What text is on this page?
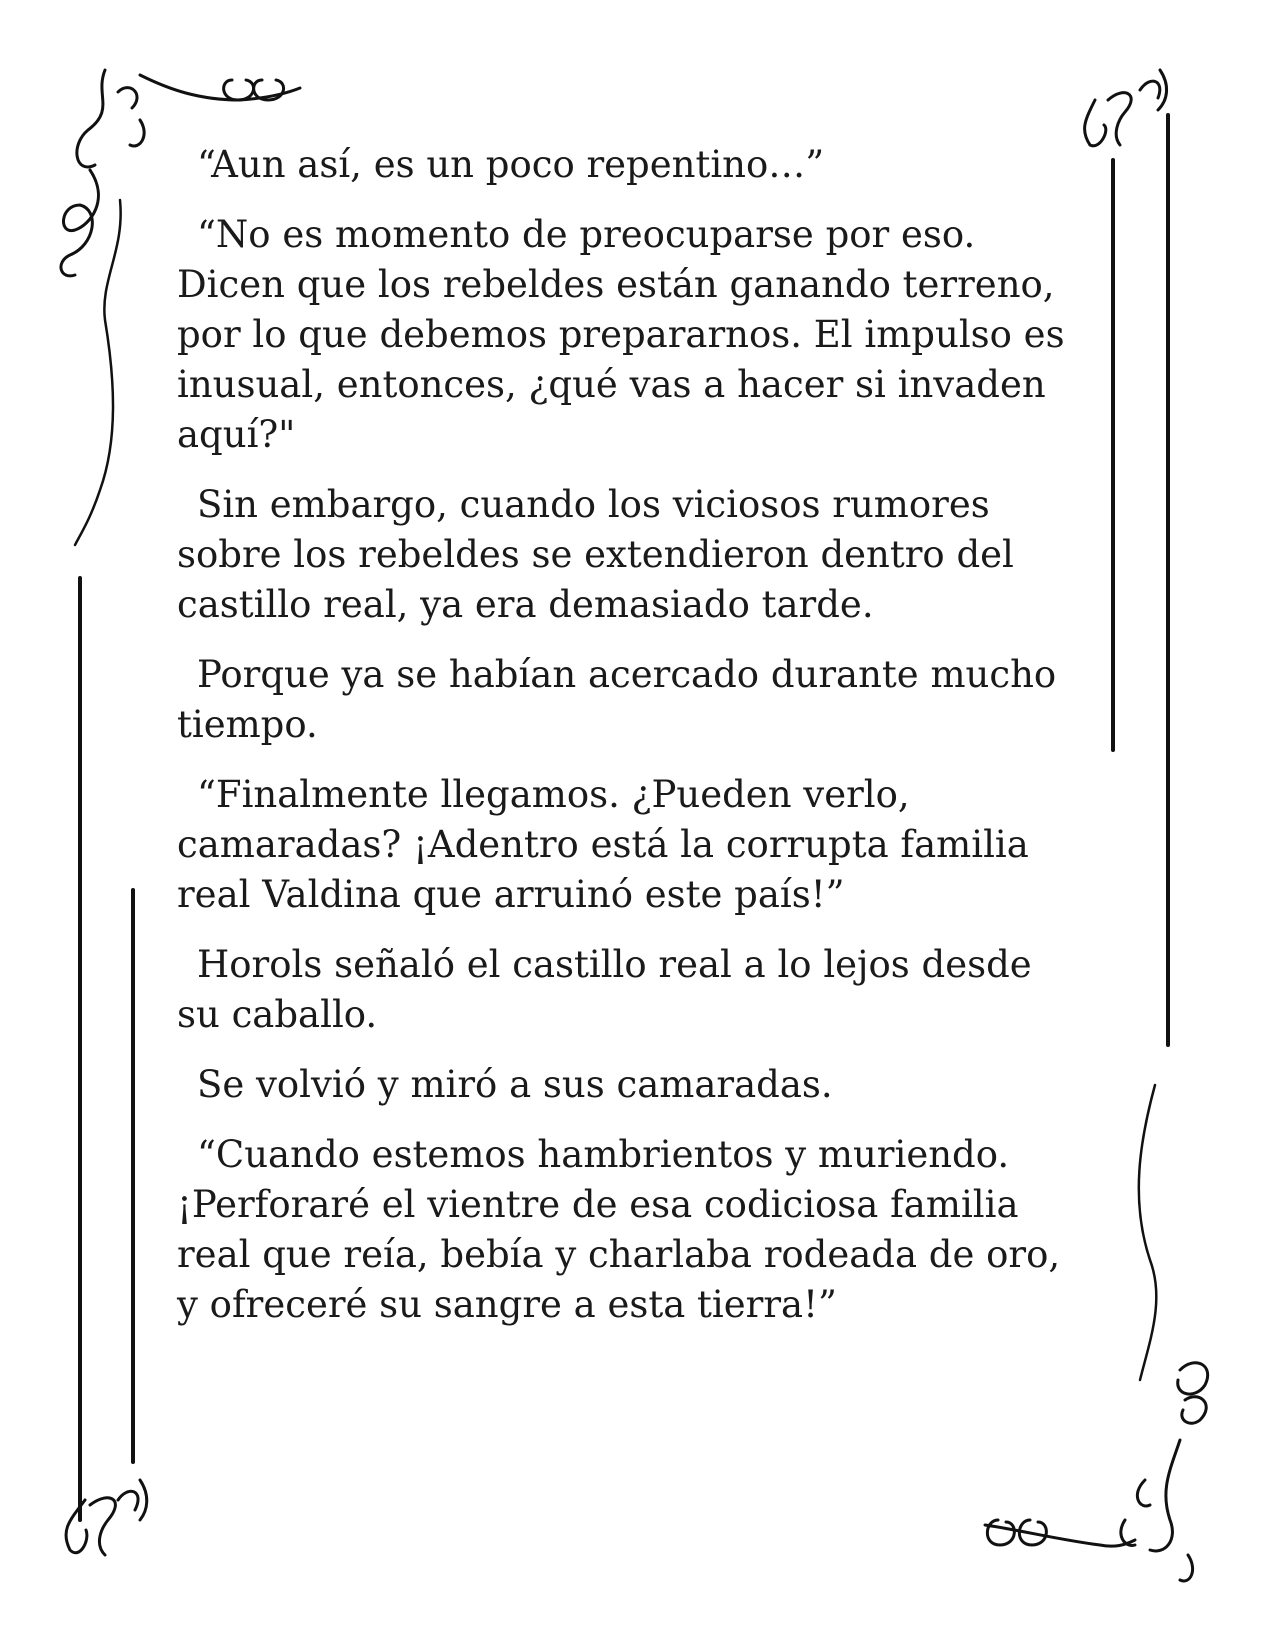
“Aun así, es un poco repentino…”

“No es momento de preocuparse por eso.
Dicen que los rebeldes están ganando terreno,
por lo que debemos prepararnos. El impulso es
inusual, entonces, ¿qué vas a hacer si invaden
aquí?"

Sin embargo, cuando los viciosos rumores
sobre los rebeldes se extendieron dentro del
castillo real, ya era demasiado tarde.

Porque ya se habían acercado durante mucho
tiempo.

“Finalmente llegamos. ¿Pueden verlo,
camaradas? ¡Adentro está la corrupta familia
real Valdina que arruinó este país!”

Horols señaló el castillo real a lo lejos desde
su caballo.

Se volvió y miró a sus camaradas.

“Cuando estemos hambrientos y muriendo.
¡Perforaré el vientre de esa codiciosa familia
real que reía, bebía y charlaba rodeada de oro,
y ofreceré su sangre a esta tierra!”
